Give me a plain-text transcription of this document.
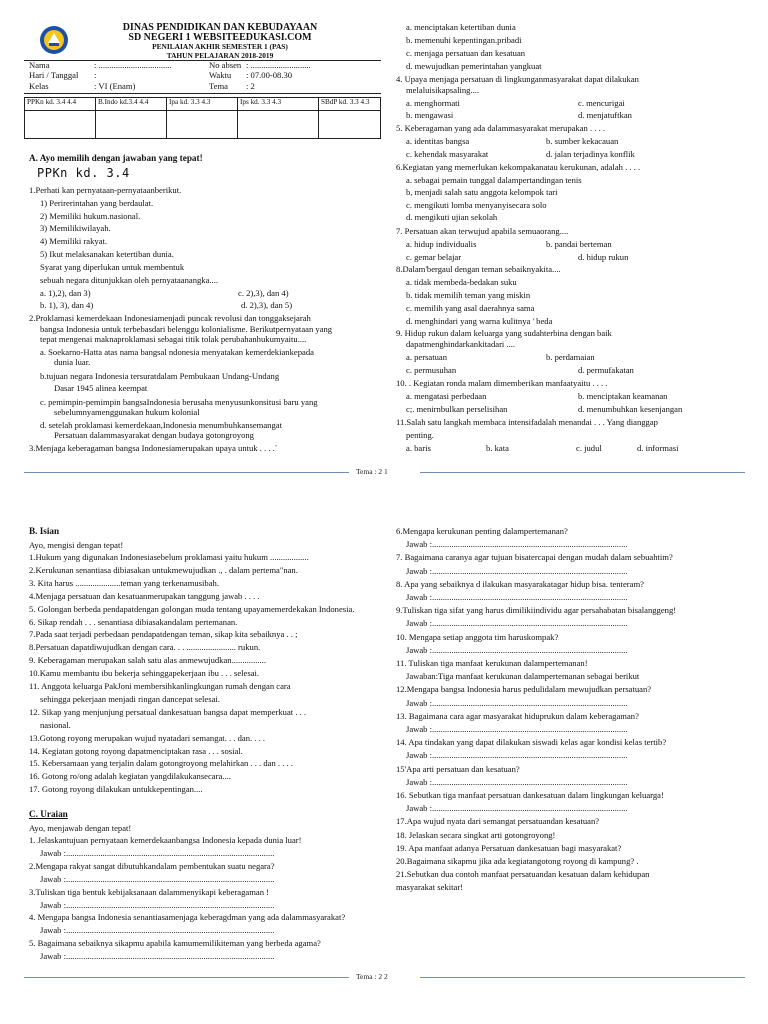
DINAS PENDIDIKAN DAN KEBUDAYAAN
SD NEGERI 1 WEBSITEEDUKASI.COM
PENILAIAN AKHIR SEMESTER 1 (PAS)
TAHUN PELAJARAN 2018-2019
Nama	: ..................................	No absen : ............................
Hari / Tanggal :	Waktu : 07.00-08.30
Kelas	: VI (Enam)	Tema : 2
PPKn kd. 3.4 4.4	B.Indo kd.3.4 4.4	Ipa kd. 3.3 4.3	Ips kd. 3.3 4.3	SBdP kd. 3.3 4.3

A. Ayo memilih dengan jawaban yang tepat!
PPKn kd. 3.4
1.Perhati kan pernyataan-pernyataanberikut.
1) Perirerintahan yang berdaulat.
2) Memiliki hukum.nasional.
3) Memilikiwilayah.
4) Memiliki rakyat.
5) Ikut melaksanakan ketertiban dunia.
Syarat yang diperlukan untuk membentuk
sebuah negara ditunjukkan oleh pernyataanangka....
a. 1),2), dan 3)	c. 2),3), dan 4)
b. 1), 3), dan 4)	d. 2),3), dan 5)
2.Proklamasi kemerdekaan Indonesiamenjadi puncak revolusi dan tonggaksejarah
bangsa Indonesia untuk terbebasdari belenggu kolonialisme. Berikutpernyataan yang
tepat mengenai maknaproklamasi sebagai titik tolak perubahanhukumyaitu....
a. Soekarno-Hatta atas nama bangsal ndonesia menyatakan kemerdekiankepada
dunia luar.
b.tujuan negara Indonesia tersuratdalam Pembukaan Undang-Undang
Dasar 1945 alinea keempat
c. pemimpin-pemimpin bangsaIndonesia berusaha menyusunkonsitusi baru yang
sebelumnyamenggunakan hukum kolonial
d. setelah proklamasi kemerdekaan,Indonesia menumbuhkansemangat
Persatuan dalammasyarakat dengan budaya gotongroyong
3.Menjaga keberagaman bangsa Indonesiamerupakan upaya untuk . . . .`
a. menciptakan ketertiban dunia
b. memenuhi kepentingan.pribadi
c. menjaga persatuan dan kesatuan
d. mewujudkan pemerintahan yangkuat
4. Upaya menjaga persatuan di lingkunganmasyarakat dapat dilakukan
melaluisikapsaling....
a. menghormati	c. mencurigai
b. mengawasi	d. menjatuftkan
5. Keberagaman yang ada dalammasyarakat merupakan . . . .
a. identitas bangsa	b. sumber kekacauan
c. kehendak masyarakat	d. jalan terjadinya konflik
6.Kegiatan yang memerlukan kekompakanatau kerukunan, adalah . . . .
a. sebagai pemain tunggal dalampertandingan tenis
b, menjadi salah satu anggota kelompok tari
c. mengikuti lomba menyanyisecara solo
d. mengikuti ujian sekolah
7. Persatuan akan terwujud apabila semuaorang....
a. hidup individualis	b. pandai berteman
c. gemar belajar	d. hidup rukun
8.Dalam'bergaul dengan teman sebaiknyakita....
a. tidak membeda-bedakan suku
b. tidak memilih teman yang miskin
c. memilih yang asal daerahnya sama
d. menghindari yang warna kulitnya ' beda
9. Hidup rukun dalam keluarga yang sudahterbina dengan baik
dapatmenghindarkankitadari ....
a. persatuan	b. perdamaian
c. permusuhan	d. permufakatan
10. . Kegiatan ronda malam dimemberikan manfaatyaitu . . . .
a. mengatasi perbedaan	b. menciptakan keamanan
c;. menirnbulkan perselisihan	d. menumbuhkan kesenjangan
11.Salah satu langkah membaca intensifadalah menandai . . . Yang dianggap
penting.
a. baris	b. kata	c. judul	d. informasi
Tema : 2 1
B. Isian
Ayo, mengisi dengan tepat!
1.Hukum yang digunakan Indonesiasebelum proklamasi yaitu hukum ..................
2.Kerukunan senantiasa dibiasakan untukmewujudkan ., . dalam pertema"nan.
3. Kita harus .....................teman yang terkenamusibah.
4.Menjaga persatuan dan kesatuanmerupakan tanggung jawab . . . .
5. Golongan berbeda pendapatdengan golongan muda tentang upayamemerdekakan Indonesia.
6. Sikap rendah . . . senantiasa dibiasakandalam pertemanan.
7.Pada saat terjadi perbedaan pendapatdengan teman, sikap kita sebaiknya . . ;
8.Persatuan dapatdiwujudkan dengan cara. . . ....................... rukun.
9. Keberagaman merupakan salah satu alas anmewujudkan................
10.Kamu membantu ibu bekerja sehinggapekerjaan ibu . . . selesai.
11. Anggota keluarga PakJoni membersihkanlingkungan rumah dengan cara
sehingga pekerjaan menjadi ringan dancepat selesai.
12. Sikap yang menjunjung persatual dankesatuan bangsa dapat memperkuat . . .
nasional.
13.Gotong royong merupakan wujud nyatadari semangat. . . dan. . . .
14. Kegiatan gotong royong dapatmenciptakan rasa . . . sosial.
15. Kebersamaan yang terjalin dalam gotongroyong melahirkan . . . dan . . . .
16. Gotong ro/ong adalah kegiatan yangdilakukansecara....
17. Gotong royong dilakukan untukkepentingan....
C. Uraian
Ayo, menjawab dengan tepat!
1. Jelaskantujuan pernyataan kemerdekaanbangsa Indonesia kepada dunia luar!
Jawab :.................................................................................................
2.Mengapa rakyat sangat dibutuhkandalam pembentukan suatu negara?
Jawab :.................................................................................................
3.Tuliskan tiga bentuk kebijaksanaan dalammenyikapi keberagaman !
Jawab :.................................................................................................
4. Mengapa bangsa Indonesia senantiasamenjaga keberagdman yang ada dalammasyarakat?
Jawab :.................................................................................................
5. Bagaimana sebaiknya sikapmu apabila kamumemilikiteman yang berbeda agama?
Jawab :.................................................................................................
6.Mengapa kerukunan penting dalampertemanan?
Jawab :...........................................................................................
7. Bagaimana caranya agar tujuan bisatercapai dengan mudah dalam sebuahtim?
Jawab :...........................................................................................
8. Apa yang sebaiknya d ilakukan masyarakatagar hidup bisa. tenteram?
Jawab :...........................................................................................
9.Tuliskan tiga sifat yang harus dimilikiindividu agar persahabatan bisalanggeng!
Jawab :...........................................................................................
10. Mengapa setiap anggota tim haruskompak?
Jawab :...........................................................................................
11. Tuliskan tiga manfaat kerukunan dalampertemanan!
Jawaban:Tiga manfaat kerukunan dalampertemanan sebagai berikut
12.Mengapa bangsa Indonesia harus pedulidalam mewujudkan persatuan?
Jawab :...........................................................................................
13. Bagaimana cara agar masyarakat hiduprukun dalam keberagaman?
Jawab :...........................................................................................
14. Apa tindakan yang dapat dilakukan siswadi kelas agar kondisi kelas tertib?
Jawab :...........................................................................................
15'Apa arti persatuan dan kesatuan?
Jawab :...........................................................................................
16. Sebutkan tiga manfaat persatuan dankesatuan dalam lingkungan keluarga!
Jawab :...........................................................................................
17.Apa wujud nyata dari semangat persatuandan kesatuan?
18. Jelaskan secara singkat arti gotongroyong!
19. Apa manfaat adanya Persatuan dankesatuan bagi masyarakat?
20.Bagaimana sikapmu jika ada kegiatangotong royong di kampung? .
21.Sebutkan dua contoh manfaat persatuandan kesatuan dalam kehidupan
masyarakat sekitar!
Tema : 2 2
